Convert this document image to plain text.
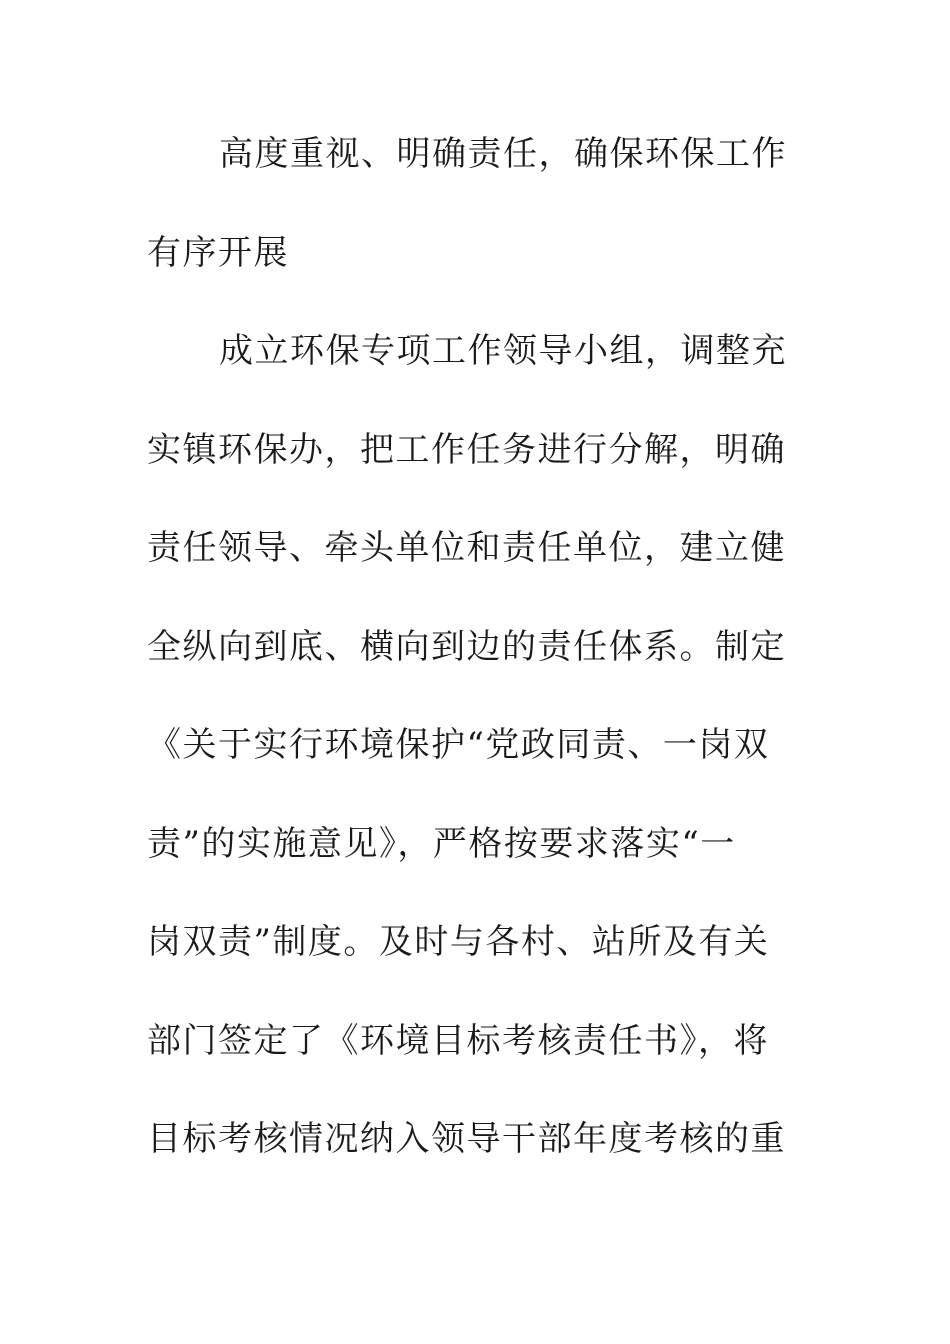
高度重视、明确责任，确保环保工作
有序开展
成立环保专项工作领导小组，调整充
实镇环保办，把工作任务进行分解，明确
责任领导、牵头单位和责任单位，建立健
全纵向到底、横向到边的责任体系。制定
《关于实行环境保护“党政同责、一岗双
责”的实施意见》，严格按要求落实“一
岗双责”制度。及时与各村、站所及有关
部门签定了《环境目标考核责任书》，将
目标考核情况纳入领导干部年度考核的重
